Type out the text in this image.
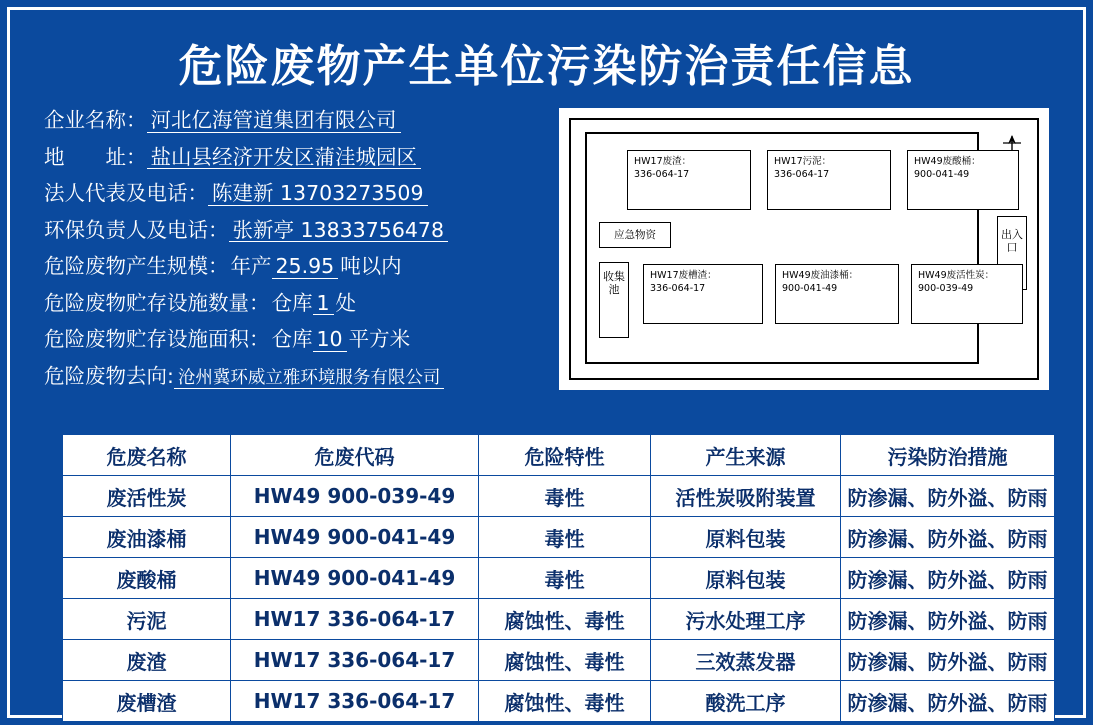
危险废物产生单位污染防治责任信息
企业名称： 河北亿海管道集团有限公司
地　　址： 盐山县经济开发区蒲洼城园区
法人代表及电话： 陈建新 13703273509
环保负责人及电话： 张新亭 13833756478
危险废物产生规模： 年产 25.95 吨以内
危险废物贮存设施数量： 仓库 1 处
危险废物贮存设施面积： 仓库 10 平方米
危险废物去向: 沧州冀环威立雅环境服务有限公司
出入口
HW17废渣：
336-064-17
HW17污泥：
336-064-17
HW49废酸桶：
900-041-49
应急物资
收集池
HW17废槽渣：
336-064-17
HW49废油漆桶：
900-041-49
HW49废活性炭：
900-039-49
危废名称	危废代码	危险特性	产生来源	污染防治措施
废活性炭	HW49 900-039-49	毒性	活性炭吸附装置	防渗漏、防外溢、防雨
废油漆桶	HW49 900-041-49	毒性	原料包装	防渗漏、防外溢、防雨
废酸桶	HW49 900-041-49	毒性	原料包装	防渗漏、防外溢、防雨
污泥	HW17 336-064-17	腐蚀性、毒性	污水处理工序	防渗漏、防外溢、防雨
废渣	HW17 336-064-17	腐蚀性、毒性	三效蒸发器	防渗漏、防外溢、防雨
废槽渣	HW17 336-064-17	腐蚀性、毒性	酸洗工序	防渗漏、防外溢、防雨
